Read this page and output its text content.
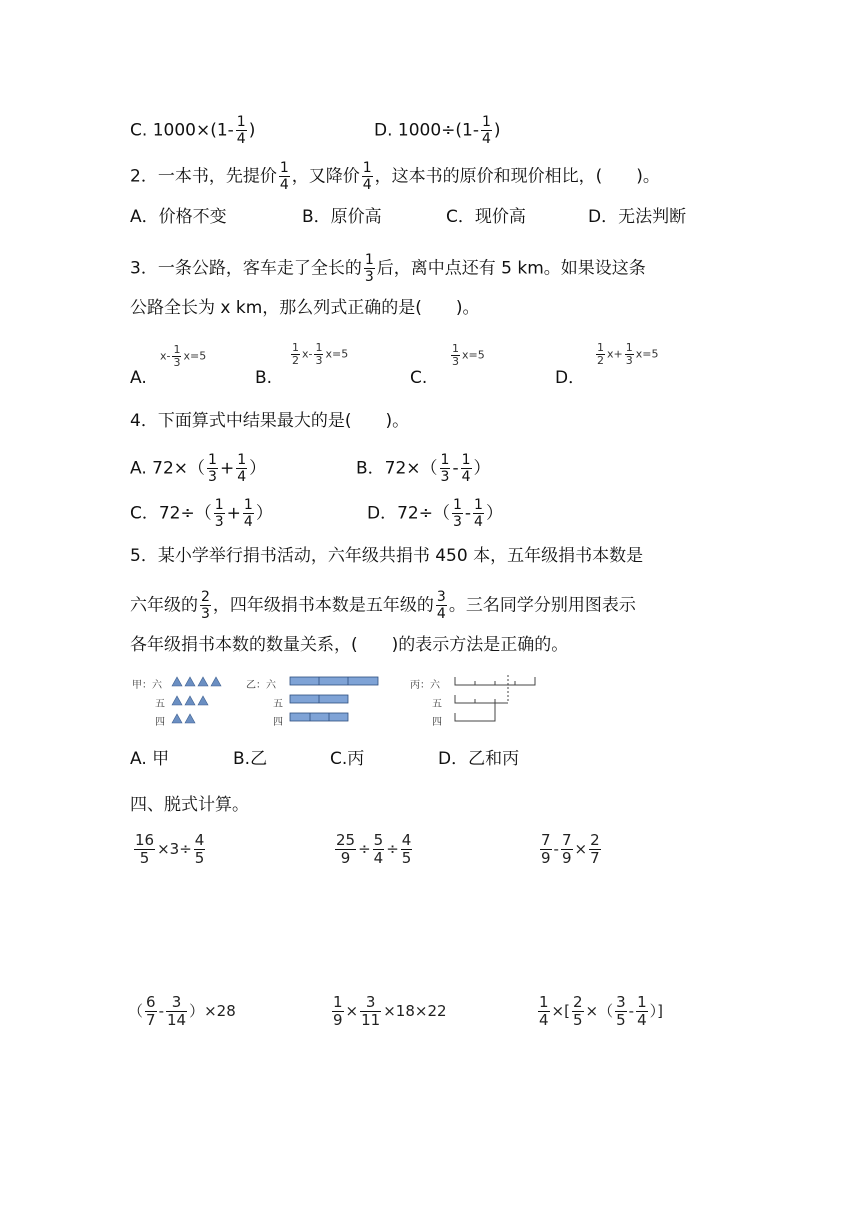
C. $1000\times(1- \frac{1}{4}$ )	D. $1000\div(1- \frac{1}{4}$ )
2．一本书，先提价 $\frac{1}{4}$ ，又降价 $\frac{1}{4}$ ，这本书的原价和现价相比，(　　)。
A．价格不变	B．原价高	C．现价高	D．无法判断
3．一条公路，客车走了全长的 $\frac{1}{3}$ 后，离中点还有 5 km。如果设这条
公路全长为 x km，那么列式正确的是(　　)。
A.
$x- \frac{1}{3} x=5$
B.
$\frac{1}{2} x- \frac{1}{3} x=5$
C.
$\frac{1}{3} x=5$
D．
$\frac{1}{2} x+ \frac{1}{3} x=5$
4．下面算式中结果最大的是(　　)。
A. $72\times( \frac{1}{3} + \frac{1}{4}$ ）	B．$72\times( \frac{1}{3} - \frac{1}{4}$ ）
C．$72\div( \frac{1}{3} + \frac{1}{4}$ ）	D．$72\div( \frac{1}{3} - \frac{1}{4}$ ）
5．某小学举行捐书活动，六年级共捐书 450 本，五年级捐书本数是
六年级的 $\frac{2}{3}$ ，四年级捐书本数是五年级的 $\frac{3}{4}$ 。三名同学分别用图表示
各年级捐书本数的数量关系，(　　)的表示方法是正确的。
甲：六
五
四
乙：六
五
四
丙：六
五
四
A. 甲	B.乙	C.丙	D．乙和丙
四、脱式计算。
$\frac{16}{5} \times 3\div \frac{4}{5}$	$\frac{25}{9} \div \frac{5}{4} \div \frac{4}{5}$	$\frac{7}{9} - \frac{7}{9} \times \frac{2}{7}$
（ $\frac{6}{7} - \frac{3}{14} )\times 28$	$\frac{1}{9} \times \frac{3}{11} \times 18\times 22$	$\frac{1}{4}$ ×[ $\frac{2}{5}$ ×（ $\frac{3}{5} - \frac{1}{4}$ ）]
